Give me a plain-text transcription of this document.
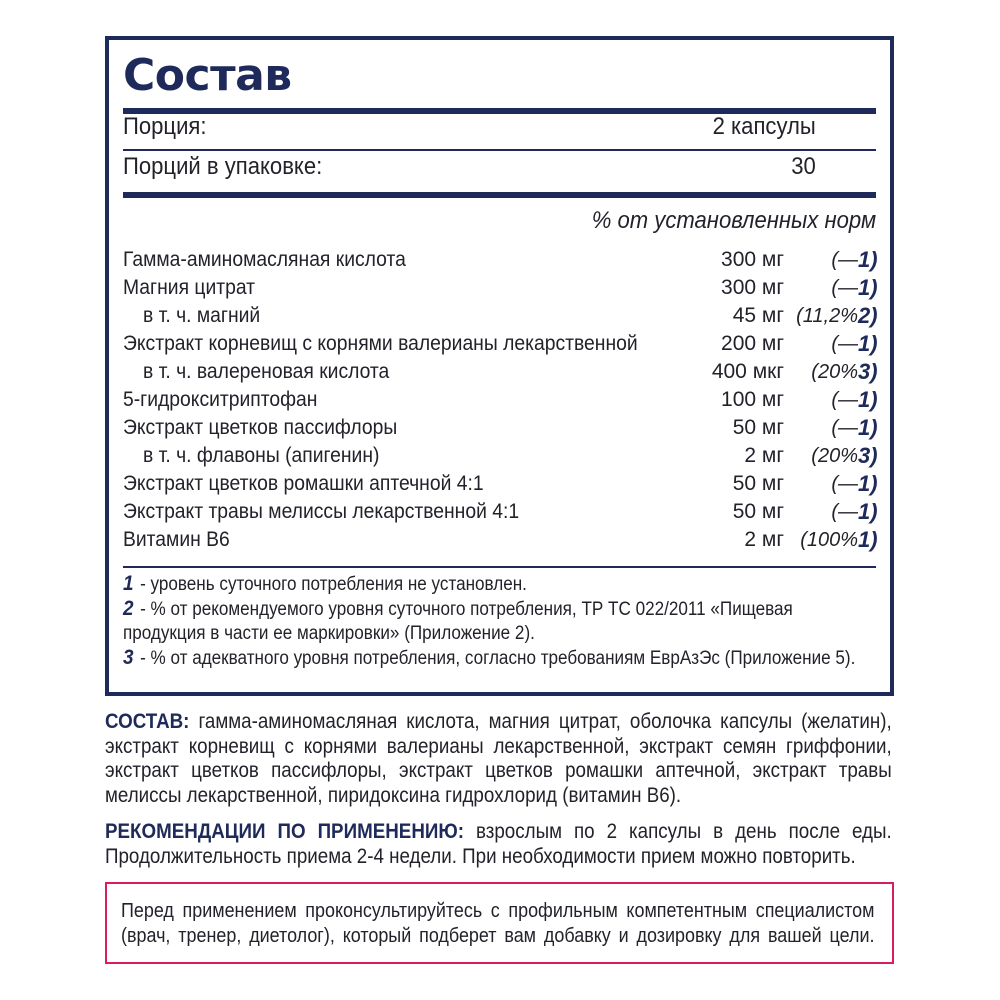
Состав
Порция:	2 капсулы
Порций в упаковке:	30
% от установленных норм
Гамма-аминомасляная кислота	300 мг	(— 1)
Магния цитрат	300 мг	(— 1)
в т. ч. магний	45 мг (11,2% 2)
Экстракт корневищ с корнями валерианы лекарственной	200 мг	(— 1)
в т. ч. валереновая кислота	400 мкг	(20% 3)
5-гидрокситриптофан	100 мг	(— 1)
Экстракт цветков пассифлоры	50 мг	(— 1)
в т. ч. флавоны (апигенин)	2 мг	(20% 3)
Экстракт цветков ромашки аптечной 4:1	50 мг	(— 1)
Экстракт травы мелиссы лекарственной 4:1	50 мг	(— 1)
Витамин В6	2 мг (100% 1)
1 - уровень суточного потребления не установлен.
2 - % от рекомендуемого уровня суточного потребления, ТР ТС 022/2011 «Пищевая продукция в части ее маркировки» (Приложение 2).
3 - % от адекватного уровня потребления, согласно требованиям ЕврАзЭс (Приложение 5).
СОСТАВ: гамма-аминомасляная кислота, магния цитрат, оболочка капсулы (желатин), экстракт корневищ с корнями валерианы лекарственной, экстракт семян гриффонии, экстракт цветков пассифлоры, экстракт цветков ромашки аптечной, экстракт травы мелиссы лекарственной, пиридоксина гидрохлорид (витамин В6).
РЕКОМЕНДАЦИИ ПО ПРИМЕНЕНИЮ: взрослым по 2 капсулы в день после еды. Продолжительность приема 2-4 недели. При необходимости прием можно повторить.

Перед применением проконсультируйтесь с профильным компетентным специалистом (врач, тренер, диетолог), который подберет вам добавку и дозировку для вашей цели.
